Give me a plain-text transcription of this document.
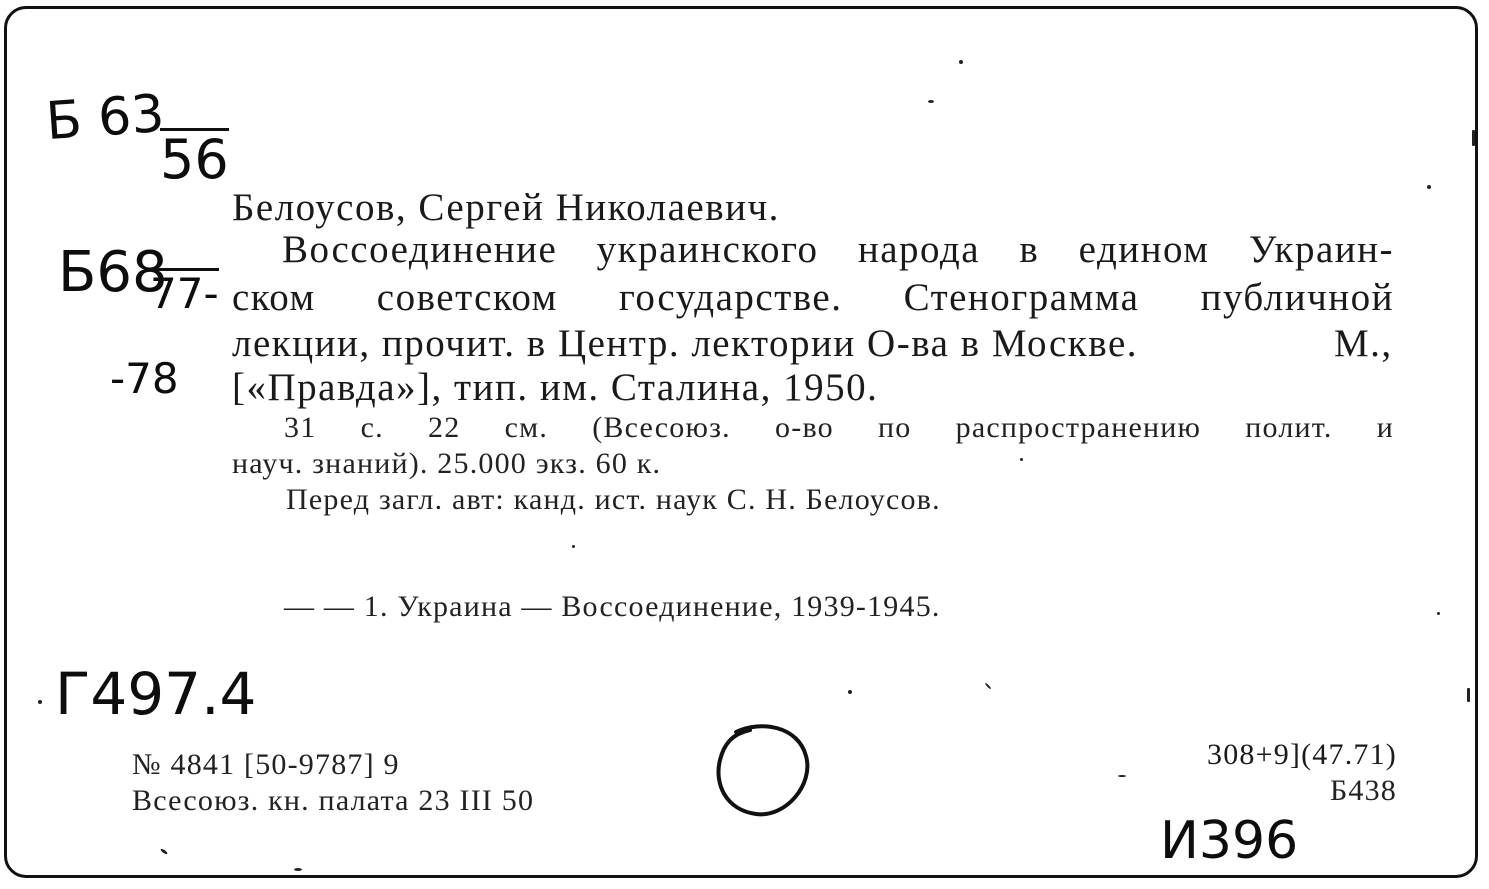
Б 63
56
Б68
77-
-78
Г497.4
И396
Белоусов, Сергей Николаевич.
Воссоединение украинского народа в едином Украин-
ском советском государстве. Стенограмма публичной
лекции, прочит. в Центр. лектории О-ва в Москве.	М.,
[«Правда»], тип. им. Сталина, 1950.
31 с. 22 см. (Всесоюз. о-во по распространению полит. и
науч. знаний). 25.000 экз. 60 к.
Перед загл. авт: канд. ист. наук С. Н. Белоусов.
— — 1. Украина — Воссоединение, 1939-1945.
№ 4841 [50-9787] 9
Всесоюз. кн. палата 23 III 50
308+9](47.71)
Б438
